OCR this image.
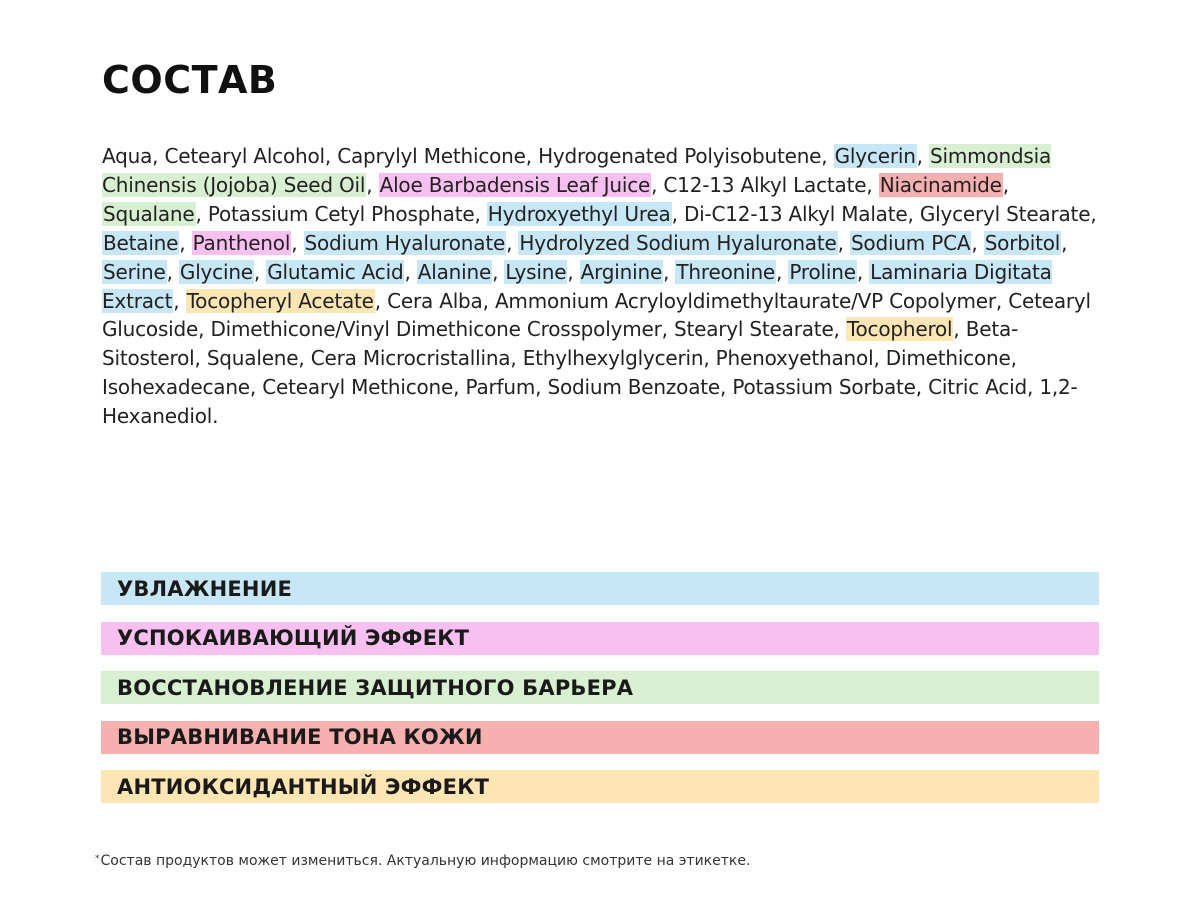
СОСТАВ

Aqua, Cetearyl Alcohol, Caprylyl Methicone, Hydrogenated Polyisobutene, Glycerin, Simmondsia Chinensis (Jojoba) Seed Oil, Aloe Barbadensis Leaf Juice, C12-13 Alkyl Lactate, Niacinamide, Squalane, Potassium Cetyl Phosphate, Hydroxyethyl Urea, Di-C12-13 Alkyl Malate, Glyceryl Stearate, Betaine, Panthenol, Sodium Hyaluronate, Hydrolyzed Sodium Hyaluronate, Sodium PCA, Sorbitol, Serine, Glycine, Glutamic Acid, Alanine, Lysine, Arginine, Threonine, Proline, Laminaria Digitata Extract, Tocopheryl Acetate, Cera Alba, Ammonium Acryloyldimethyltaurate/VP Copolymer, Cetearyl Glucoside, Dimethicone/Vinyl Dimethicone Crosspolymer, Stearyl Stearate, Tocopherol, Beta-Sitosterol, Squalene, Cera Microcristallina, Ethylhexylglycerin, Phenoxyethanol, Dimethicone, Isohexadecane, Cetearyl Methicone, Parfum, Sodium Benzoate, Potassium Sorbate, Citric Acid, 1,2-Hexanediol.

УВЛАЖНЕНИЕ
УСПОКАИВАЮЩИЙ ЭФФЕКТ
ВОССТАНОВЛЕНИЕ ЗАЩИТНОГО БАРЬЕРА
ВЫРАВНИВАНИЕ ТОНА КОЖИ
АНТИОКСИДАНТНЫЙ ЭФФЕКТ

*Состав продуктов может измениться. Актуальную информацию смотрите на этикетке.
